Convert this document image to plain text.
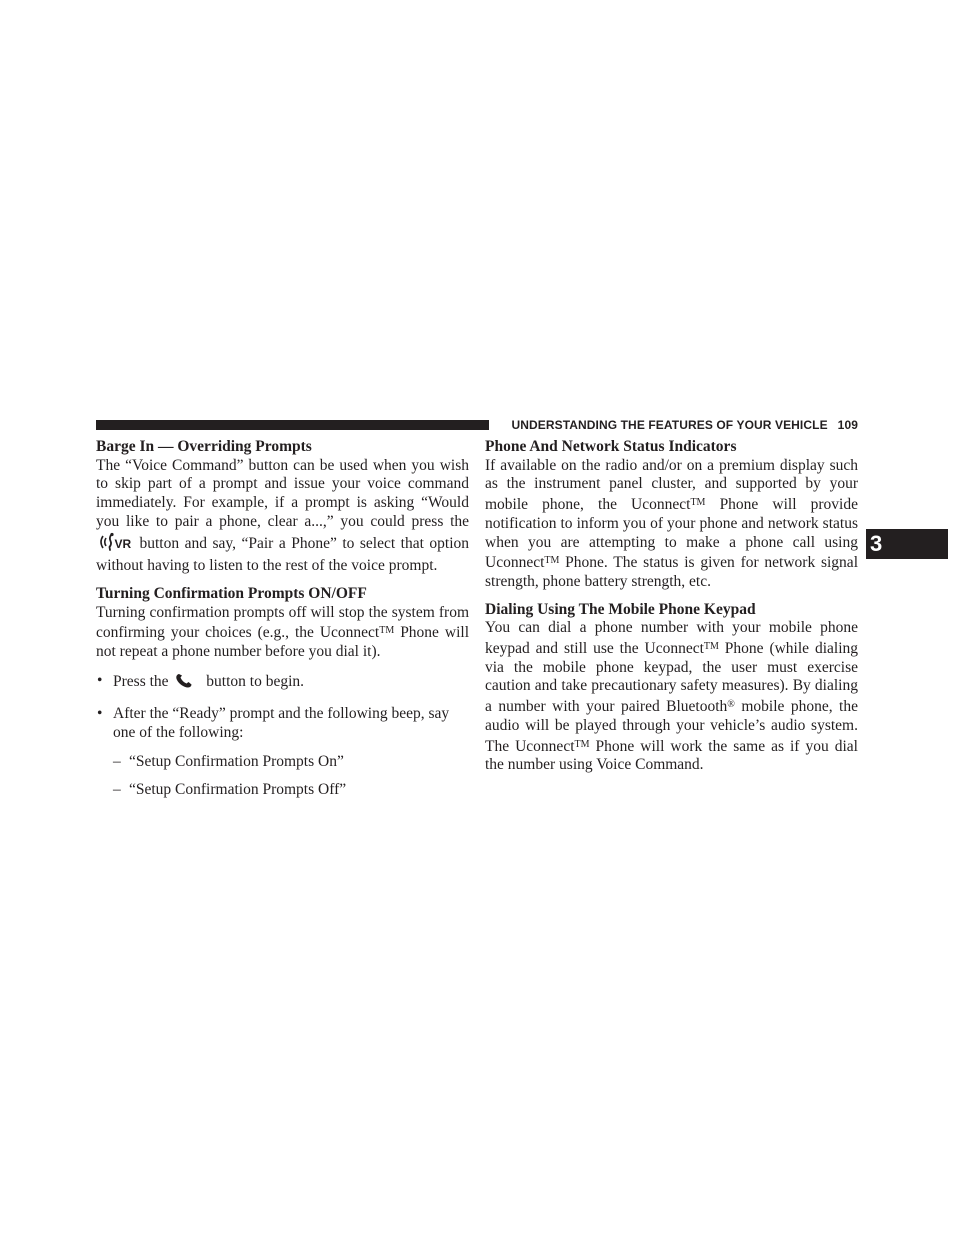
UNDERSTANDING THE FEATURES OF YOUR VEHICLE 109
3
Barge In — Overriding Prompts

The “Voice Command” button can be used when you wish to skip part of a prompt and issue your voice command immediately. For example, if a prompt is asking “Would you like to pair a phone, clear a...,” you could press the
VR button and say, “Pair a Phone” to select that option without having to listen to the rest of the voice prompt.

Turning Confirmation Prompts ON/OFF

Turning confirmation prompts off will stop the system from confirming your choices (e.g., the Uconnect™ Phone will not repeat a phone number before you dial it).

• Press the button to begin.
• After the “Ready” prompt and the following beep, say one of the following:
– “Setup Confirmation Prompts On”
– “Setup Confirmation Prompts Off”
Phone And Network Status Indicators

If available on the radio and/or on a premium display such as the instrument panel cluster, and supported by your mobile phone, the Uconnect™ Phone will provide notification to inform you of your phone and network status when you are attempting to make a phone call using Uconnect™ Phone. The status is given for network signal strength, phone battery strength, etc.

Dialing Using The Mobile Phone Keypad

You can dial a phone number with your mobile phone keypad and still use the Uconnect™ Phone (while dialing via the mobile phone keypad, the user must exercise caution and take precautionary safety measures). By dialing a number with your paired Bluetooth® mobile phone, the audio will be played through your vehicle’s audio system. The Uconnect™ Phone will work the same as if you dial the number using Voice Command.
